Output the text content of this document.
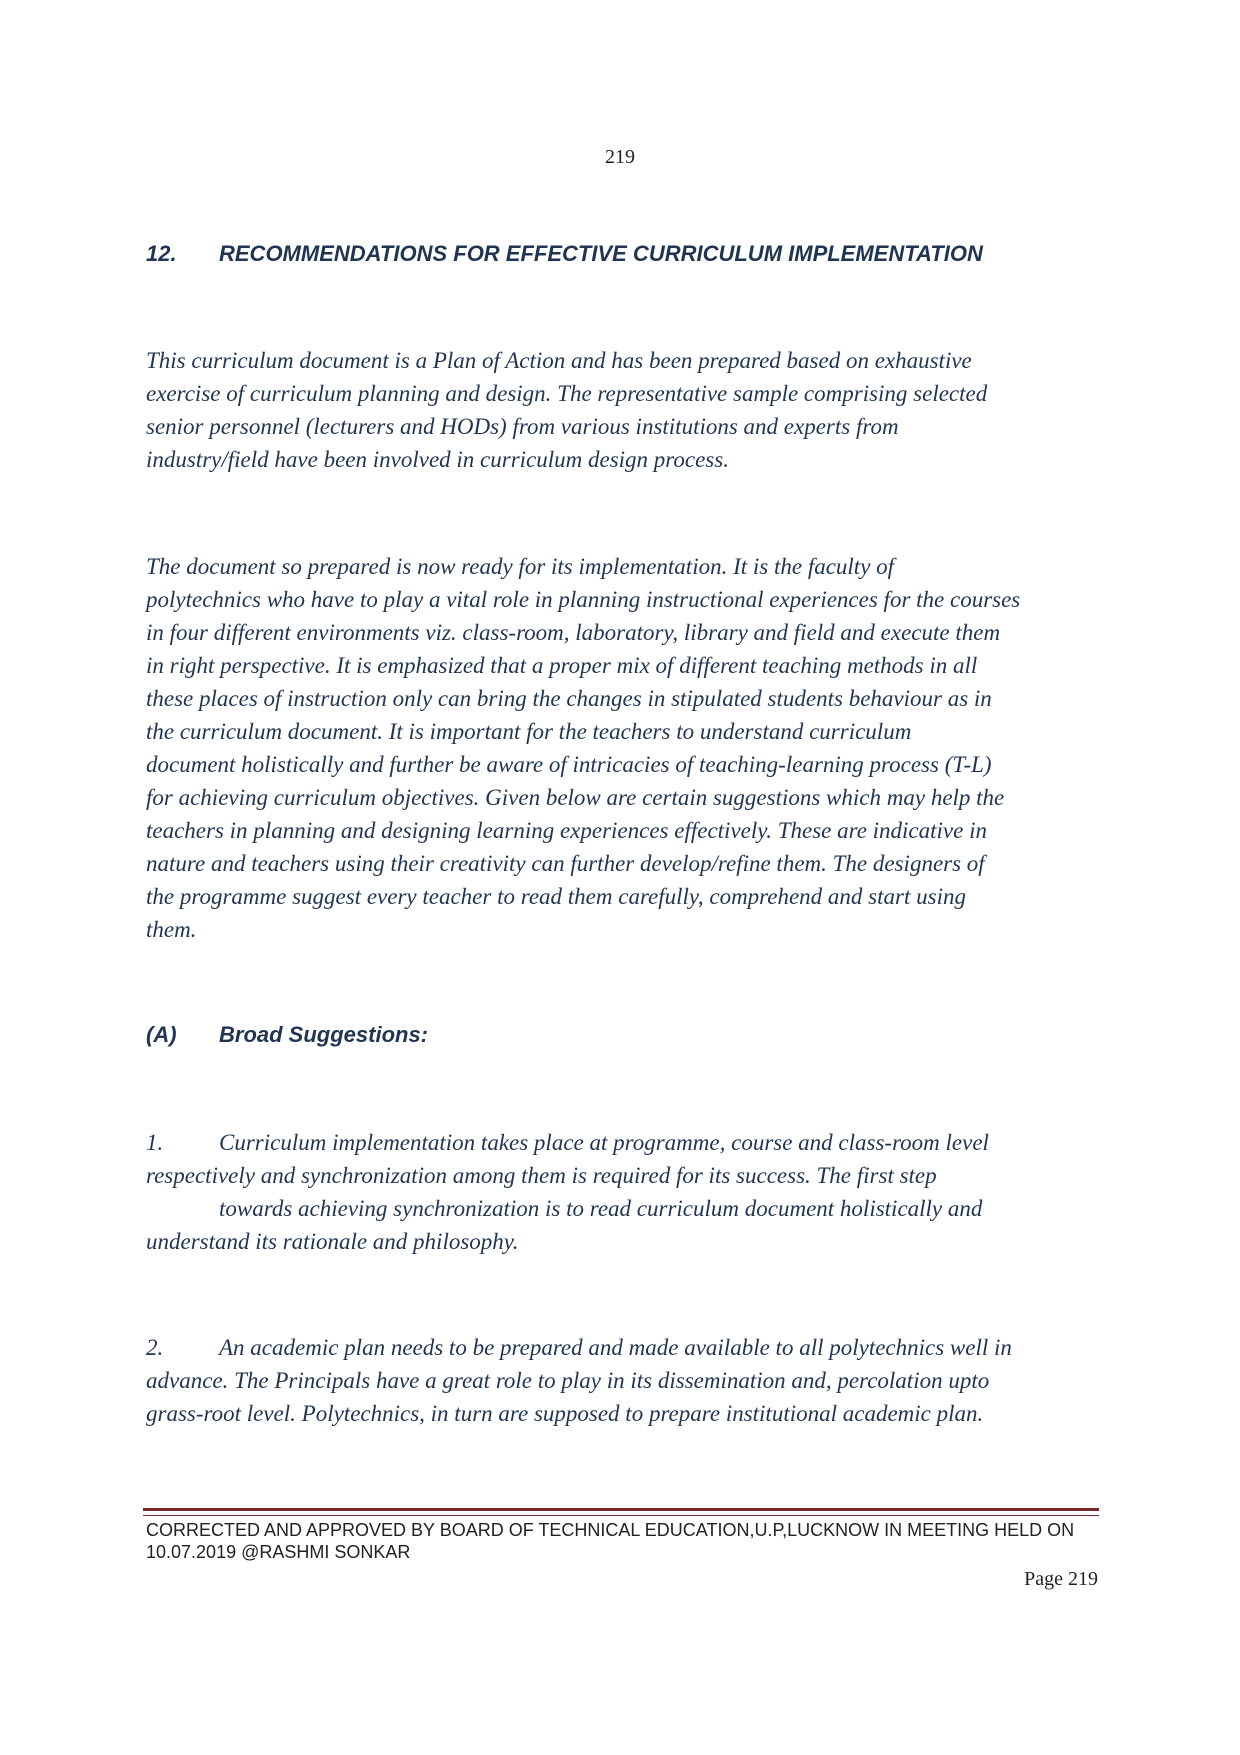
219
12. RECOMMENDATIONS FOR EFFECTIVE CURRICULUM IMPLEMENTATION
This curriculum document is a Plan of Action and has been prepared based on exhaustive
exercise of curriculum planning and design. The representative sample comprising selected
senior personnel (lecturers and HODs) from various institutions and experts from
industry/field have been involved in curriculum design process.
The document so prepared is now ready for its implementation. It is the faculty of
polytechnics who have to play a vital role in planning instructional experiences for the courses
in four different environments viz. class-room, laboratory, library and field and execute them
in right perspective. It is emphasized that a proper mix of different teaching methods in all
these places of instruction only can bring the changes in stipulated students behaviour as in
the curriculum document. It is important for the teachers to understand curriculum
document holistically and further be aware of intricacies of teaching-learning process (T-L)
for achieving curriculum objectives. Given below are certain suggestions which may help the
teachers in planning and designing learning experiences effectively. These are indicative in
nature and teachers using their creativity can further develop/refine them. The designers of
the programme suggest every teacher to read them carefully, comprehend and start using
them.
(A) Broad Suggestions:
1. Curriculum implementation takes place at programme, course and class-room level
respectively and synchronization among them is required for its success. The first step
towards achieving synchronization is to read curriculum document holistically and
understand its rationale and philosophy.
2. An academic plan needs to be prepared and made available to all polytechnics well in
advance. The Principals have a great role to play in its dissemination and, percolation upto
grass-root level. Polytechnics, in turn are supposed to prepare institutional academic plan.
CORRECTED AND APPROVED BY BOARD OF TECHNICAL EDUCATION,U.P,LUCKNOW IN MEETING HELD ON
10.07.2019 @RASHMI SONKAR
Page 219
